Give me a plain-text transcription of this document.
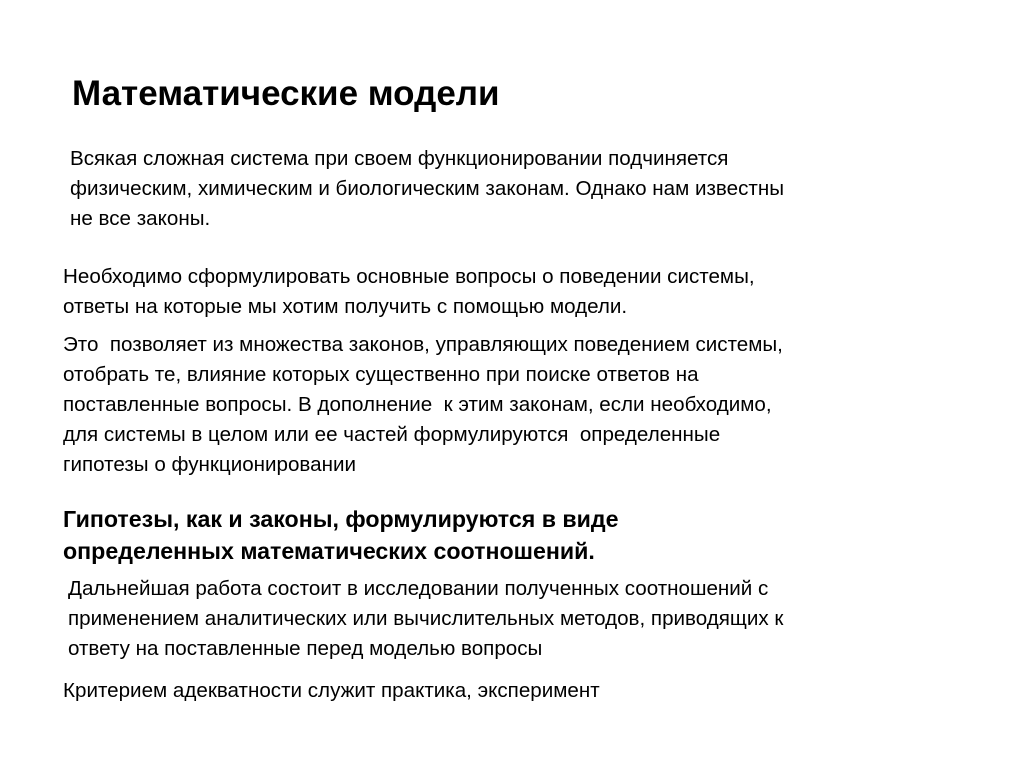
Математические модели

Всякая сложная система при своем функционировании подчиняется
физическим, химическим и биологическим законам. Однако нам известны
не все законы.

Необходимо сформулировать основные вопросы о поведении системы,
ответы на которые мы хотим получить с помощью модели.

Это  позволяет из множества законов, управляющих поведением системы,
отобрать те, влияние которых существенно при поиске ответов на
поставленные вопросы. В дополнение  к этим законам, если необходимо,
для системы в целом или ее частей формулируются  определенные
гипотезы о функционировании

Гипотезы, как и законы, формулируются в виде
определенных математических соотношений.

Дальнейшая работа состоит в исследовании полученных соотношений с
применением аналитических или вычислительных методов, приводящих к
ответу на поставленные перед моделью вопросы

Критерием адекватности служит практика, эксперимент
